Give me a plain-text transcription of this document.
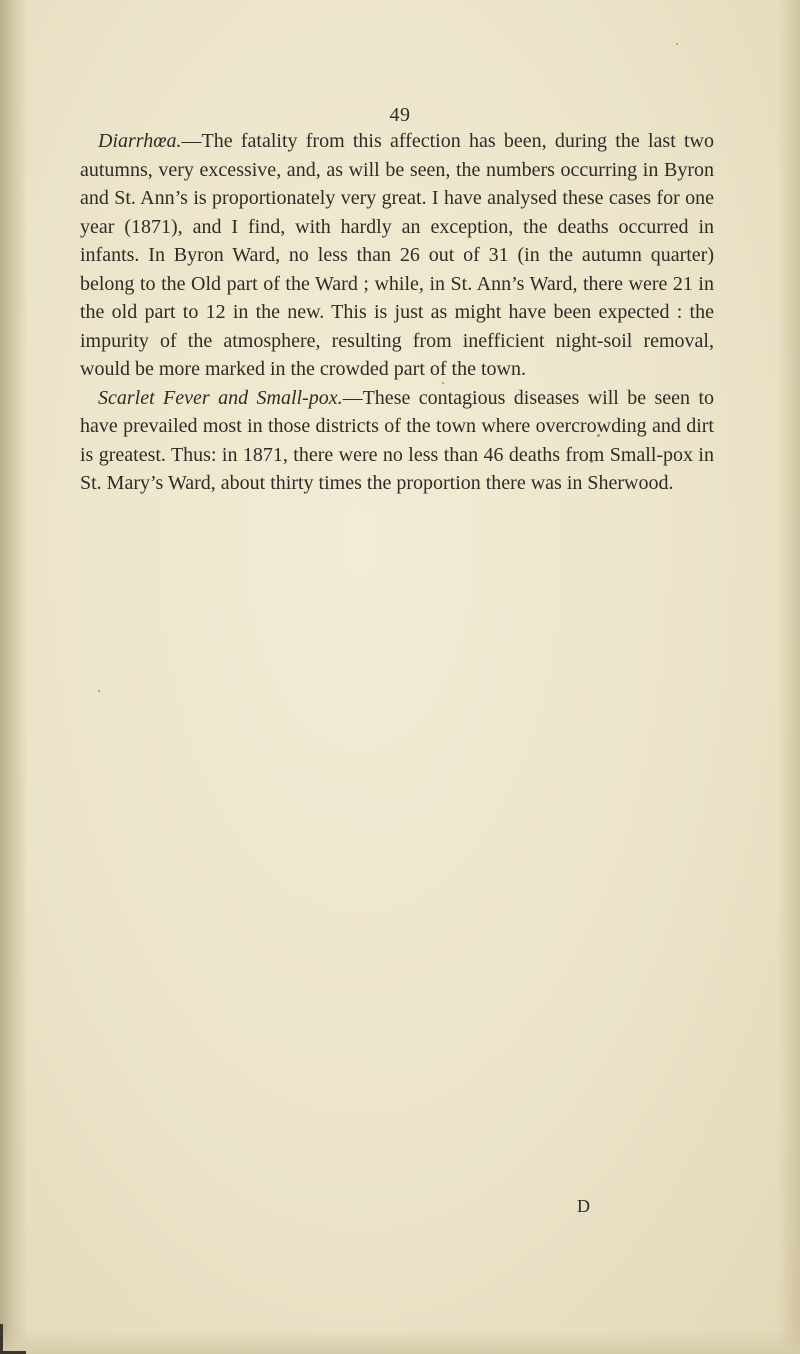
49

Diarrhœa.—The fatality from this affection has been, during the last two autumns, very excessive, and, as will be seen, the numbers occurring in Byron and St. Ann’s is proportionately very great. I have analysed these cases for one year (1871), and I find, with hardly an exception, the deaths occurred in infants. In Byron Ward, no less than 26 out of 31 (in the autumn quarter) belong to the Old part of the Ward ; while, in St. Ann’s Ward, there were 21 in the old part to 12 in the new. This is just as might have been expected : the impurity of the atmosphere, resulting from inefficient night-soil removal, would be more marked in the crowded part of the town.

Scarlet Fever and Small-pox.—These contagious diseases will be seen to have prevailed most in those districts of the town where overcrowding and dirt is greatest. Thus: in 1871, there were no less than 46 deaths from Small-pox in St. Mary’s Ward, about thirty times the proportion there was in Sherwood.

D
